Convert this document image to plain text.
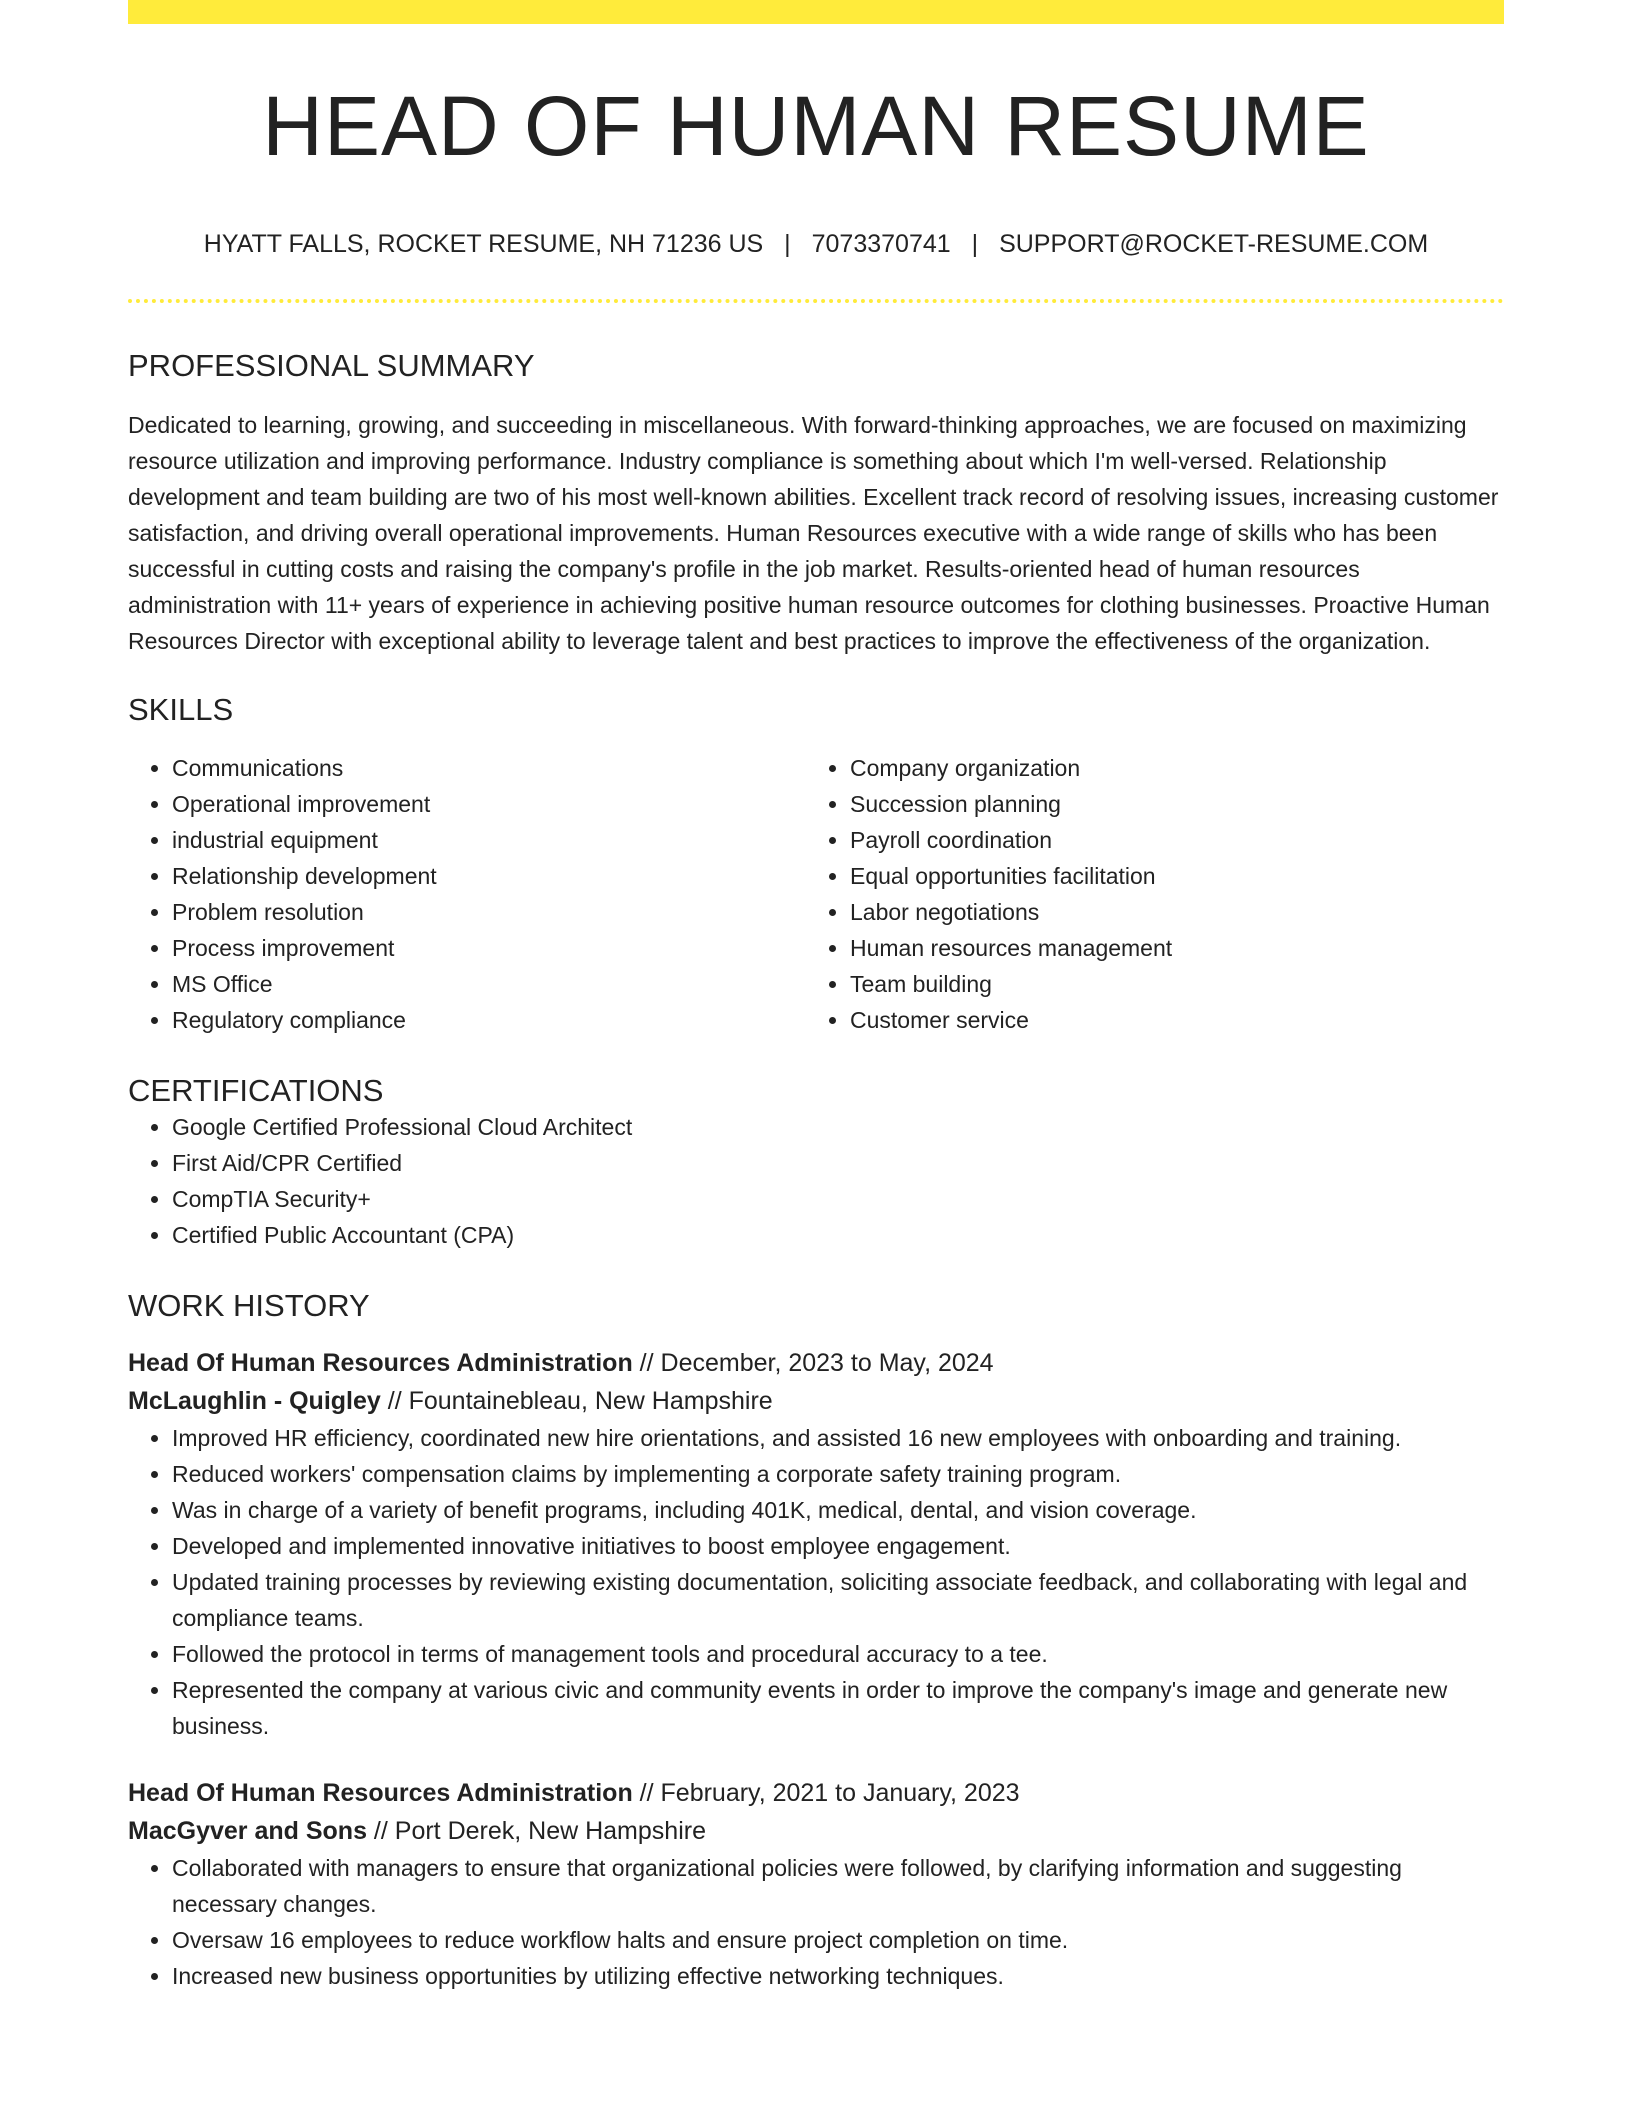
HEAD OF HUMAN RESUME
HYATT FALLS, ROCKET RESUME, NH 71236 US | 7073370741 | SUPPORT@ROCKET-RESUME.COM
PROFESSIONAL SUMMARY

Dedicated to learning, growing, and succeeding in miscellaneous. With forward-thinking approaches, we are focused on maximizing resource utilization and improving performance. Industry compliance is something about which I'm well-versed. Relationship development and team building are two of his most well-known abilities. Excellent track record of resolving issues, increasing customer satisfaction, and driving overall operational improvements. Human Resources executive with a wide range of skills who has been successful in cutting costs and raising the company's profile in the job market. Results-oriented head of human resources administration with 11+ years of experience in achieving positive human resource outcomes for clothing businesses. Proactive Human Resources Director with exceptional ability to leverage talent and best practices to improve the effectiveness of the organization.

SKILLS
• Communications
• Operational improvement
• industrial equipment
• Relationship development
• Problem resolution
• Process improvement
• MS Office
• Regulatory compliance
• Company organization
• Succession planning
• Payroll coordination
• Equal opportunities facilitation
• Labor negotiations
• Human resources management
• Team building
• Customer service
CERTIFICATIONS
• Google Certified Professional Cloud Architect
• First Aid/CPR Certified
• CompTIA Security+
• Certified Public Accountant (CPA)
WORK HISTORY
Head Of Human Resources Administration // December, 2023 to May, 2024
McLaughlin - Quigley // Fountainebleau, New Hampshire
• Improved HR efficiency, coordinated new hire orientations, and assisted 16 new employees with onboarding and training.
• Reduced workers' compensation claims by implementing a corporate safety training program.
• Was in charge of a variety of benefit programs, including 401K, medical, dental, and vision coverage.
• Developed and implemented innovative initiatives to boost employee engagement.
• Updated training processes by reviewing existing documentation, soliciting associate feedback, and collaborating with legal and compliance teams.
• Followed the protocol in terms of management tools and procedural accuracy to a tee.
• Represented the company at various civic and community events in order to improve the company's image and generate new business.
Head Of Human Resources Administration // February, 2021 to January, 2023
MacGyver and Sons // Port Derek, New Hampshire
• Collaborated with managers to ensure that organizational policies were followed, by clarifying information and suggesting necessary changes.
• Oversaw 16 employees to reduce workflow halts and ensure project completion on time.
• Increased new business opportunities by utilizing effective networking techniques.
